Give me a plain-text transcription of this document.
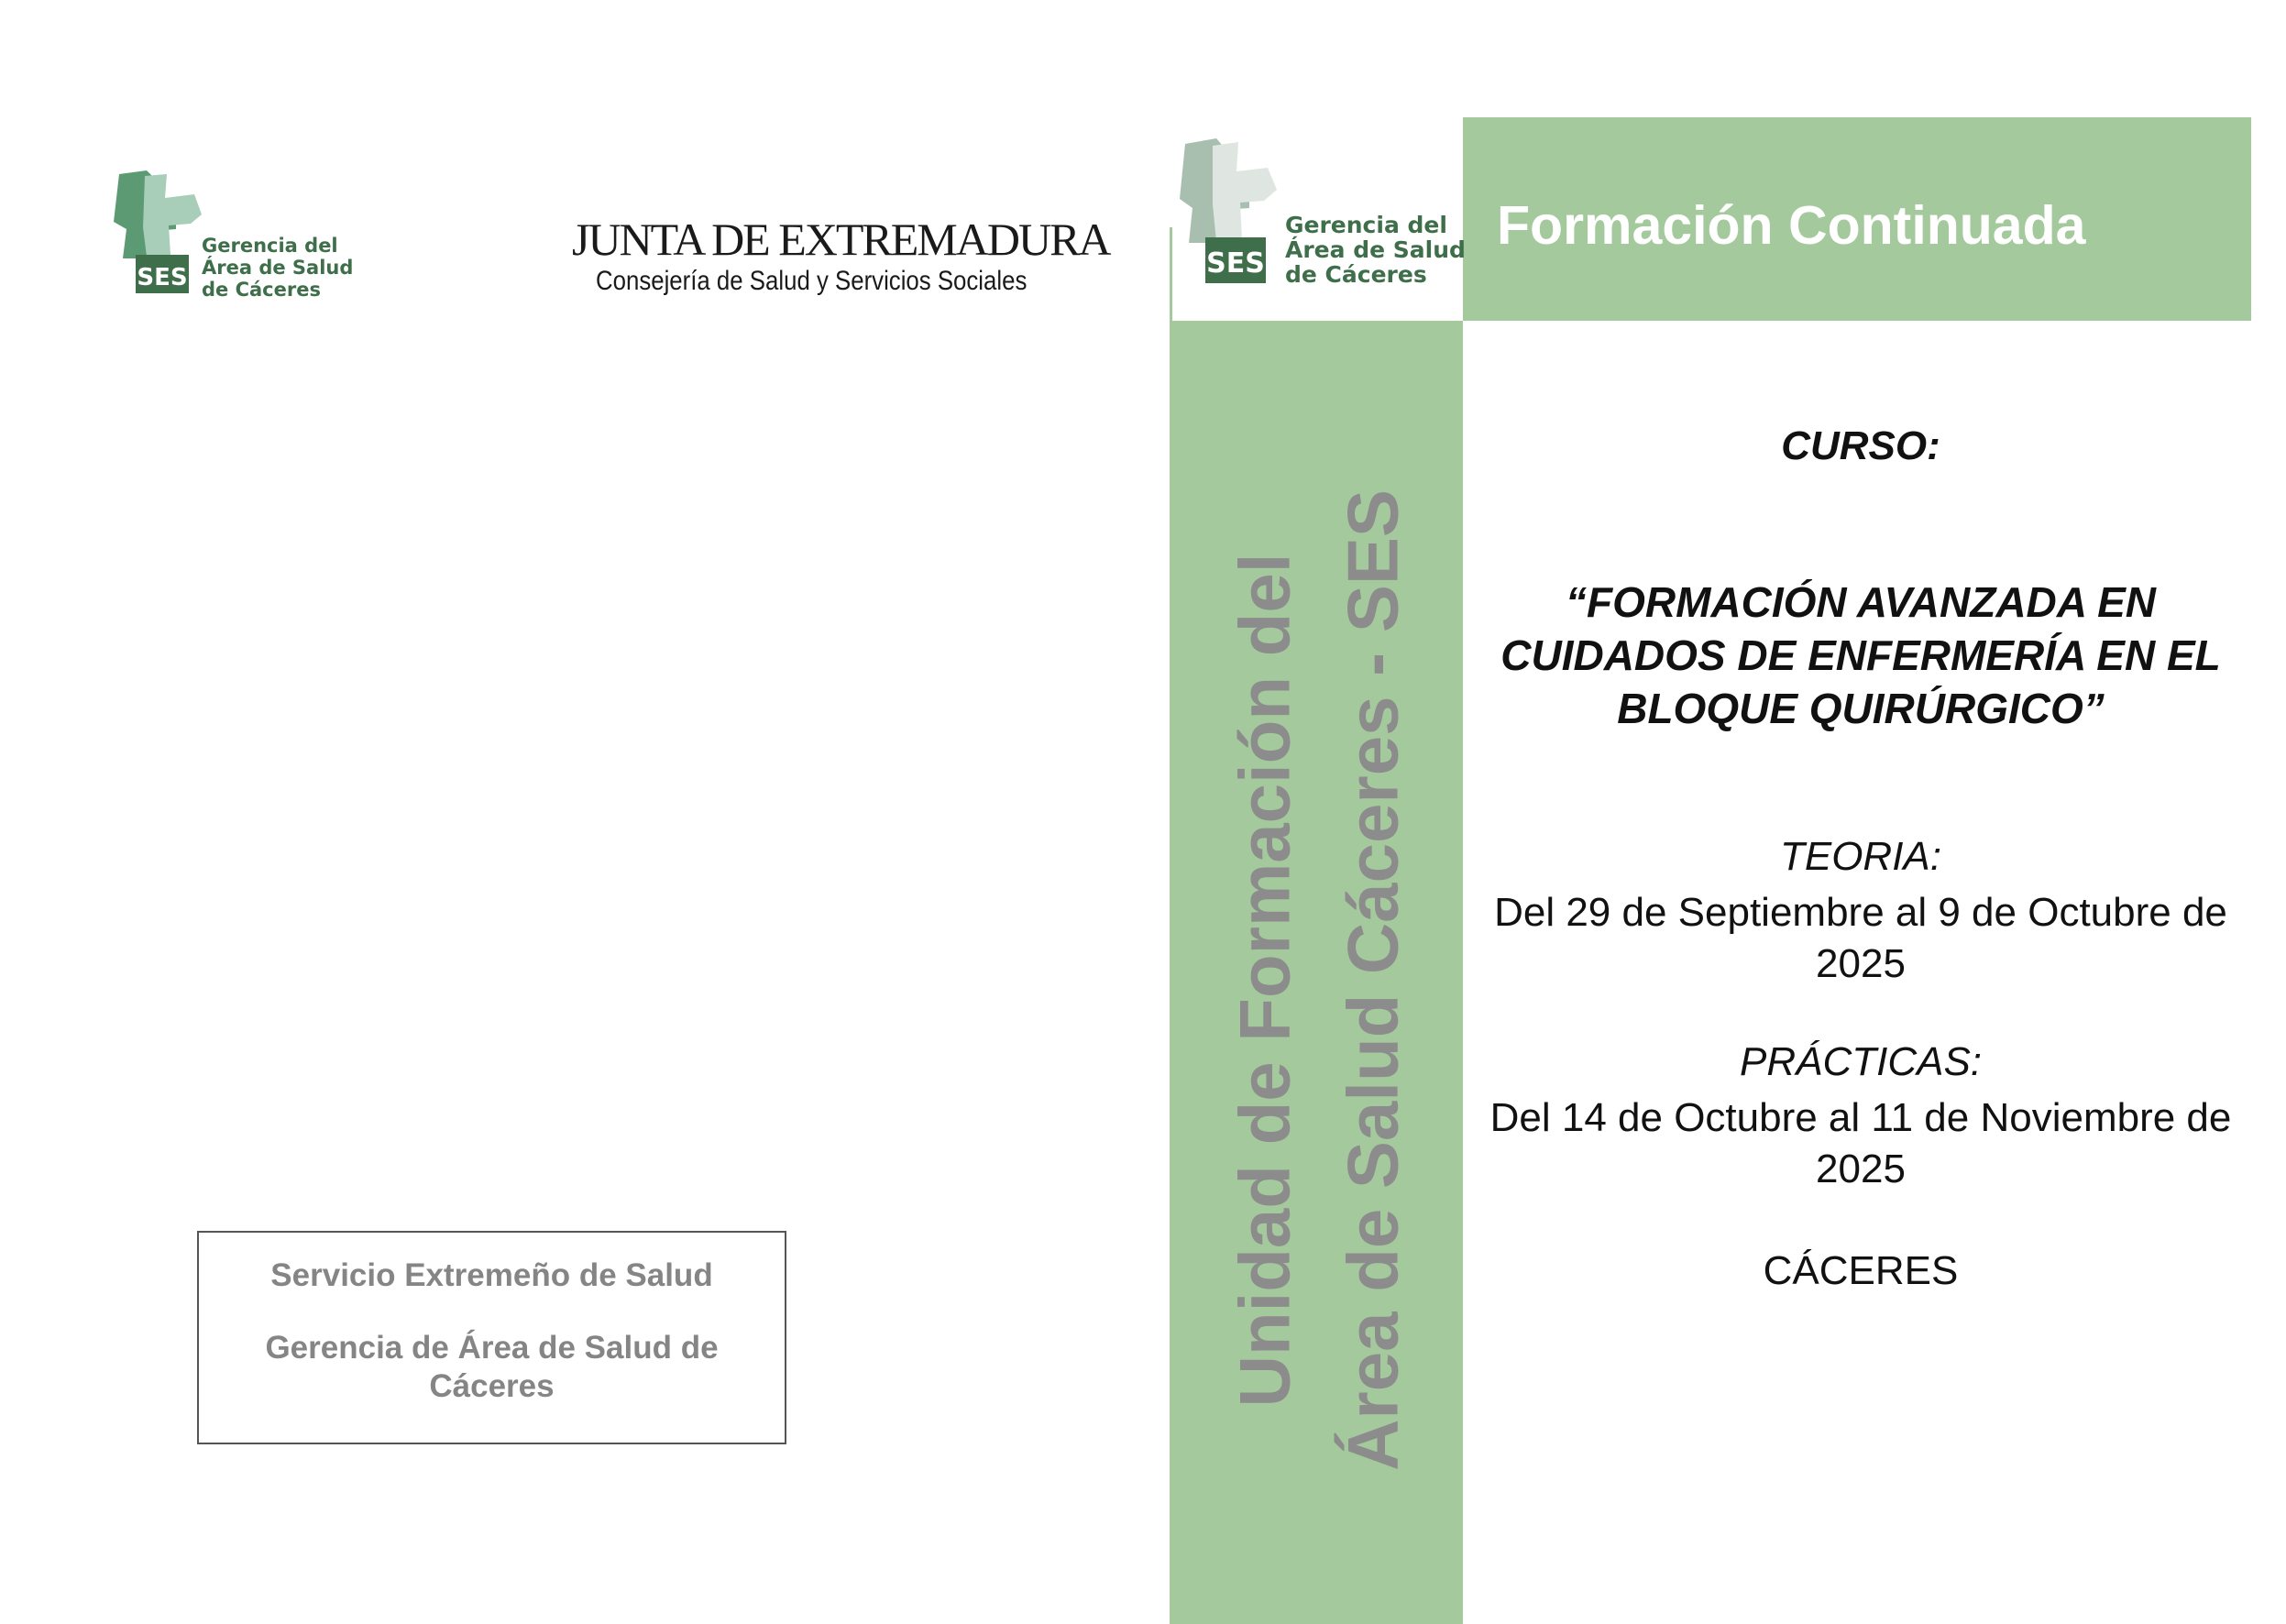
SES
Gerencia del
Área de Salud
de Cáceres
JUNTA DE EXTREMADURA
Consejería de Salud y Servicios Sociales
Servicio Extremeño de Salud
Gerencia de Área de Salud de Cáceres
SES
Gerencia del
Área de Salud
de Cáceres
Formación Continuada
Unidad de Formación del Área de Salud Cáceres - SES
CURSO:
“FORMACIÓN AVANZADA EN CUIDADOS DE ENFERMERÍA EN EL BLOQUE QUIRÚRGICO”
TEORIA:
Del 29 de Septiembre al 9 de Octubre de 2025
PRÁCTICAS:
Del 14 de Octubre al 11 de Noviembre de 2025
CÁCERES
